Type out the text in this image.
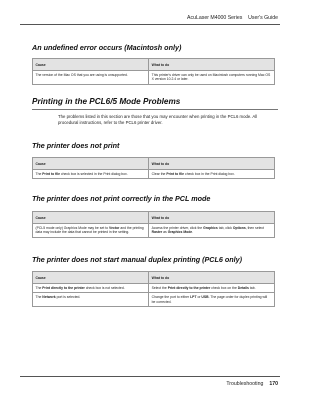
AcuLaser M4000 Series User's Guide
An undefined error occurs (Macintosh only)
Cause	What to do
The version of the Mac OS that you are using is unsupported.	This printer's driver can only be used on Macintosh computers running Mac OS X version 10.2.4 or later.
Printing in the PCL6/5 Mode Problems
The problems listed in this section are those that you may encounter when printing in the PCL6 mode. All procedural instructions, refer to the PCL6 printer driver.
The printer does not print
Cause	What to do
The Print to file check box is selected in the Print dialog box.	Clear the Print to file check box in the Print dialog box.
The printer does not print correctly in the PCL mode
Cause	What to do
(PCL5 mode only) Graphics Mode may be set to Vector and the printing data may include the data that cannot be printed in the setting.	Access the printer driver, click the Graphics tab, click Options, then select Raster as Graphics Mode.
The printer does not start manual duplex printing (PCL6 only)
Cause	What to do
The Print directly to the printer check box is not selected.	Select the Print directly to the printer check box on the Details tab.
The Network port is selected.	Change the port to either LPT or USB. The page order for duplex printing will be corrected.
Troubleshooting 170
